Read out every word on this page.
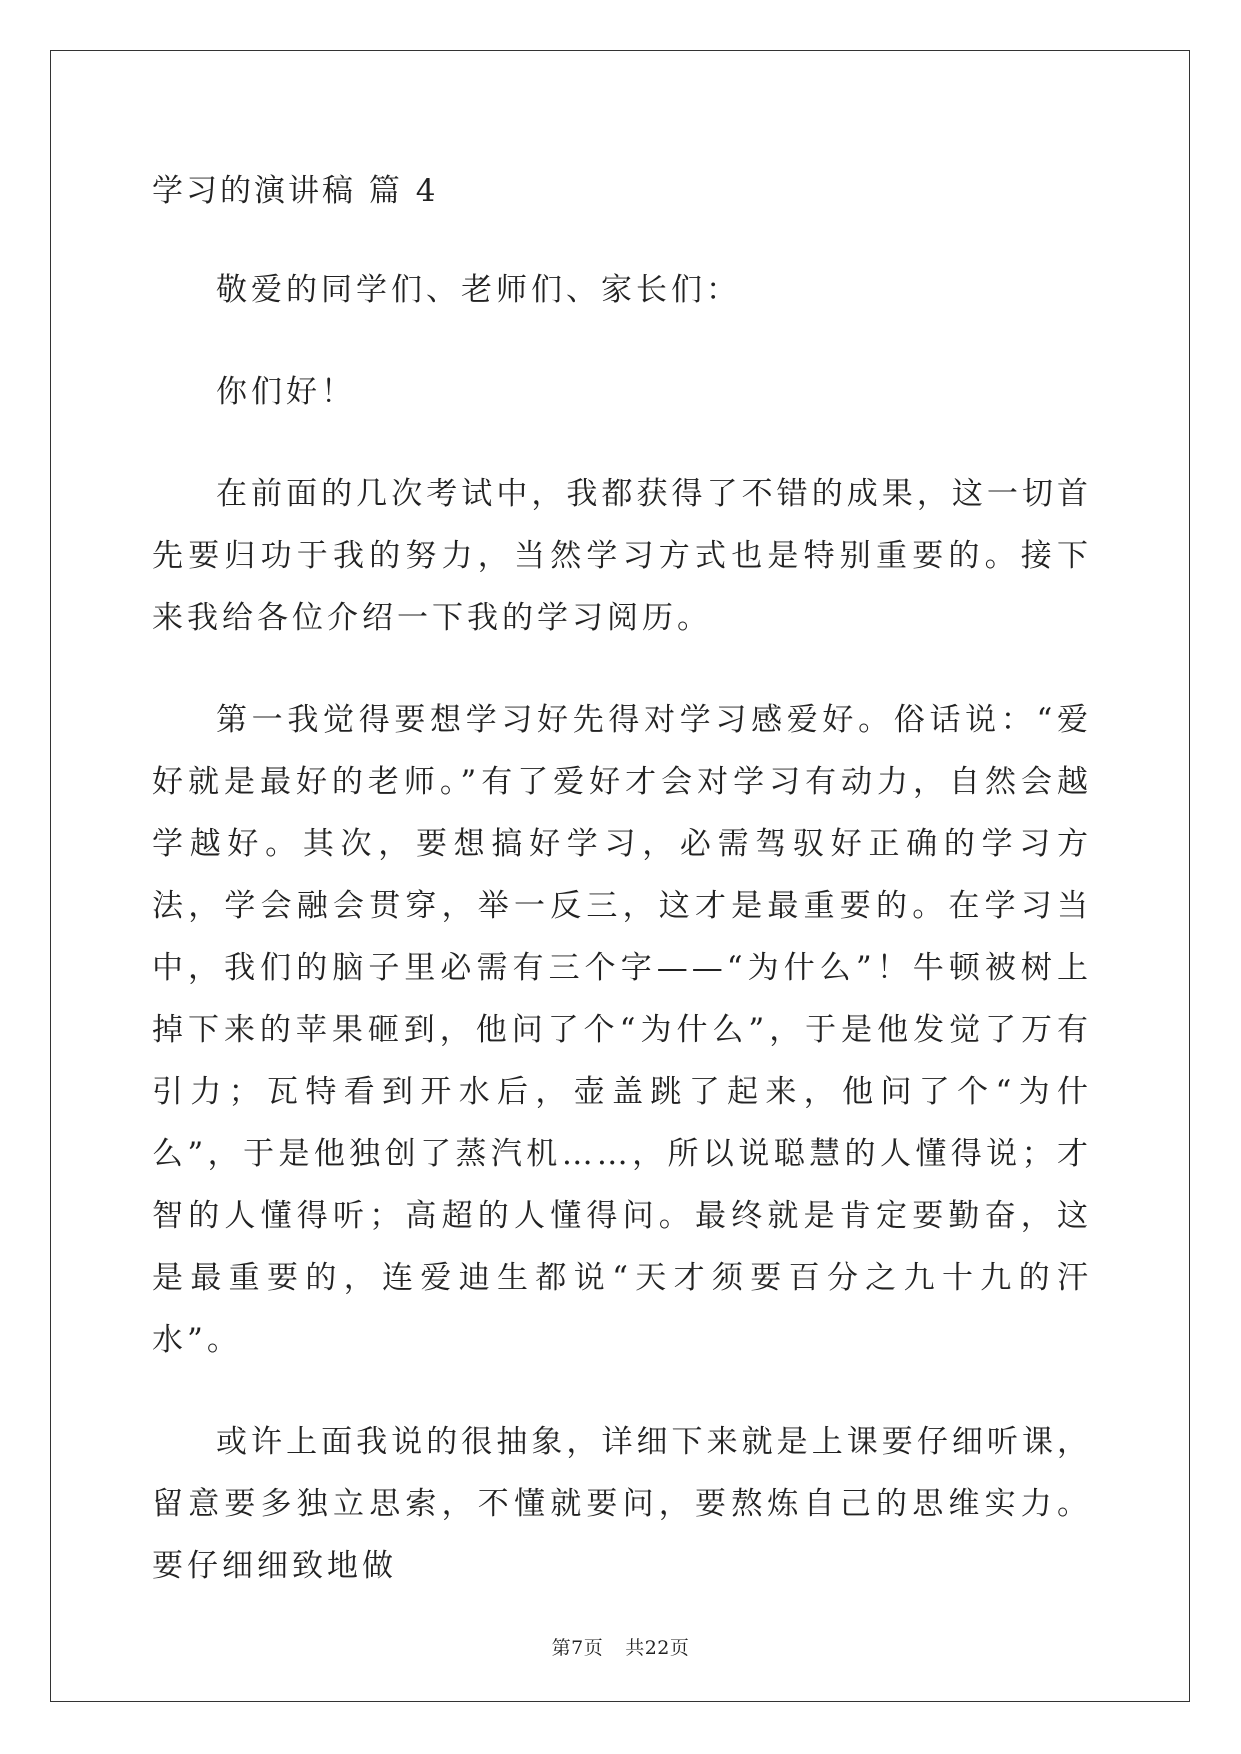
学习的演讲稿 篇 4

敬爱的同学们、老师们、家长们：

你们好！

在前面的几次考试中，我都获得了不错的成果，这一切首先要归功于我的努力，当然学习方式也是特别重要的。接下来我给各位介绍一下我的学习阅历。

第一我觉得要想学习好先得对学习感爱好。俗话说：“爱好就是最好的老师。”有了爱好才会对学习有动力，自然会越学越好。其次，要想搞好学习，必需驾驭好正确的学习方法，学会融会贯穿，举一反三，这才是最重要的。在学习当中，我们的脑子里必需有三个字——“为什么”！牛顿被树上掉下来的苹果砸到，他问了个“为什么”，于是他发觉了万有引力；瓦特看到开水后，壶盖跳了起来，他问了个“为什么”，于是他独创了蒸汽机……，所以说聪慧的人懂得说；才智的人懂得听；高超的人懂得问。最终就是肯定要勤奋，这是最重要的，连爱迪生都说“天才须要百分之九十九的汗水”。

或许上面我说的很抽象，详细下来就是上课要仔细听课，留意要多独立思索，不懂就要问，要熬炼自己的思维实力。要仔细细致地做

第7页 共22页
